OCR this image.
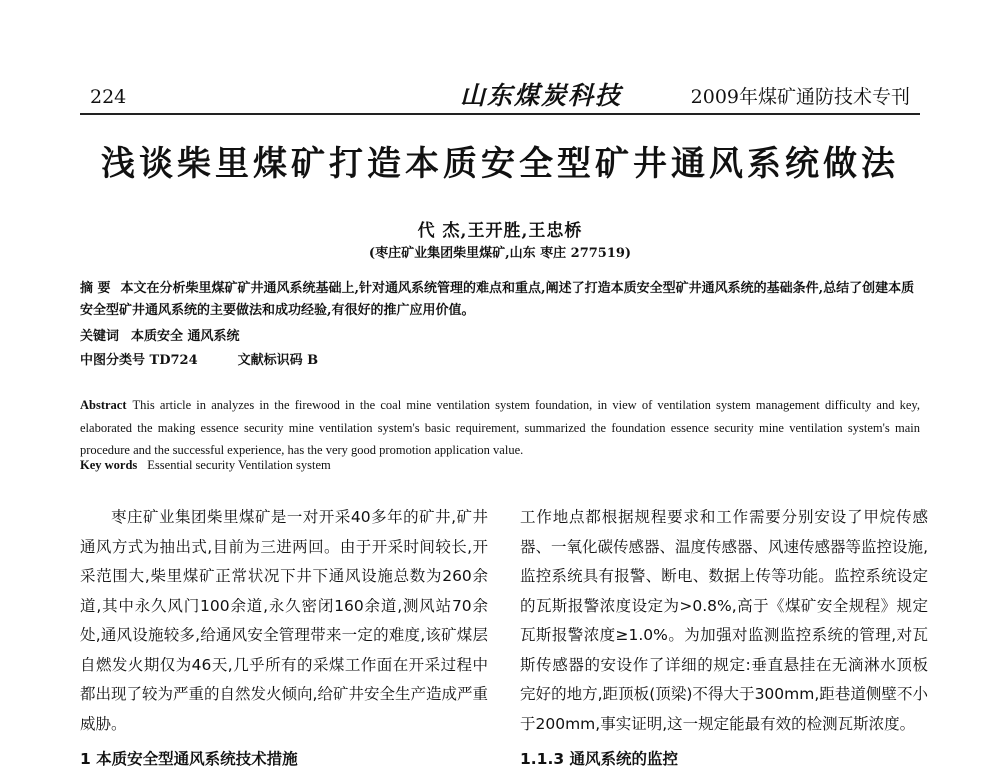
224	山东煤炭科技	2009年煤矿通防技术专刊
浅谈柴里煤矿打造本质安全型矿井通风系统做法
代 杰,王开胜,王忠桥
(枣庄矿业集团柴里煤矿,山东 枣庄 277519)
摘 要 本文在分析柴里煤矿矿井通风系统基础上,针对通风系统管理的难点和重点,阐述了打造本质安全型矿井通风系统的基础条件,总结了创建本质安全型矿井通风系统的主要做法和成功经验,有很好的推广应用价值。
关键词 本质安全 通风系统
中图分类号 TD724	文献标识码 B
Abstract This article in analyzes in the firewood in the coal mine ventilation system foundation, in view of ventilation system management difficulty and key, elaborated the making essence security mine ventilation system's basic requirement, summarized the foundation essence security mine ventilation system's main procedure and the successful experience, has the very good promotion application value.
Key words Essential security Ventilation system

枣庄矿业集团柴里煤矿是一对开采40多年的矿井,矿井通风方式为抽出式,目前为三进两回。由于开采时间较长,开采范围大,柴里煤矿正常状况下井下通风设施总数为260余道,其中永久风门100余道,永久密闭160余道,测风站70余处,通风设施较多,给通风安全管理带来一定的难度,该矿煤层自燃发火期仅为46天,几乎所有的采煤工作面在开采过程中都出现了较为严重的自然发火倾向,给矿井安全生产造成严重威胁。

1 本质安全型通风系统技术措施

工作地点都根据规程要求和工作需要分别安设了甲烷传感器、一氧化碳传感器、温度传感器、风速传感器等监控设施,监控系统具有报警、断电、数据上传等功能。监控系统设定的瓦斯报警浓度设定为>0.8%,高于《煤矿安全规程》规定瓦斯报警浓度≥1.0%。为加强对监测监控系统的管理,对瓦斯传感器的安设作了详细的规定:垂直悬挂在无滴淋水顶板完好的地方,距顶板(顶梁)不得大于300mm,距巷道侧壁不小于200mm,事实证明,这一规定能最有效的检测瓦斯浓度。

1.1.3 通风系统的监控
